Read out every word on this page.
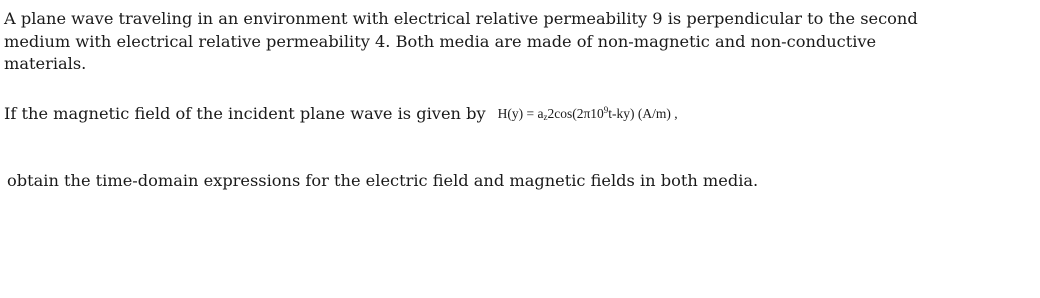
A plane wave traveling in an environment with electrical relative permeability 9 is perpendicular to the second medium with electrical relative permeability 4. Both media are made of non-magnetic and non-conductive materials.

If the magnetic field of the incident plane wave is given by $H(y) = a_z2\cos(2\pi 10^9t-ky)$ (A/m) ,

obtain the time-domain expressions for the electric field and magnetic fields in both media.
